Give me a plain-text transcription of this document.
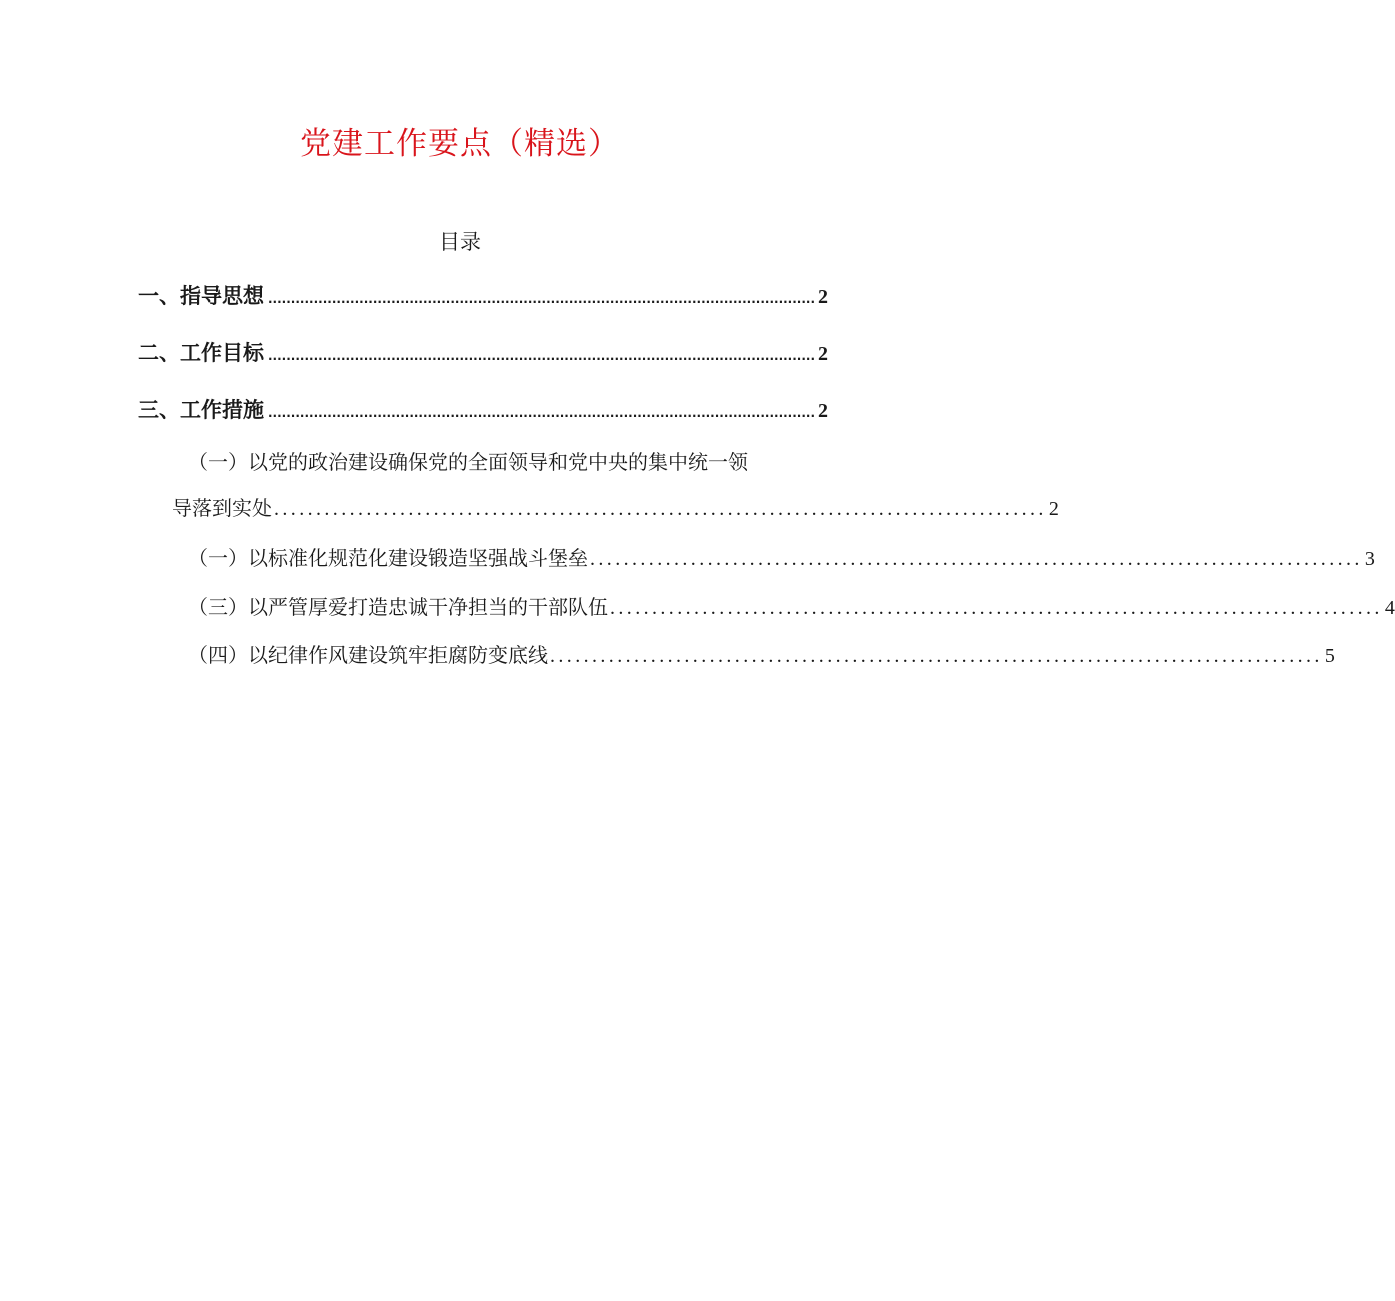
党建工作要点（精选）
目录
一、指导思想 ........................................................................................................................ 2
二、工作目标 ........................................................................................................................ 2
三、工作措施 ........................................................................................................................ 2
（一）以党的政治建设确保党的全面领导和党中央的集中统一领
导落到实处 ............................................................................................ 2
（一）以标准化规范化建设锻造坚强战斗堡垒 ............................................................................................ 3
（三）以严管厚爱打造忠诚干净担当的干部队伍 ............................................................................................ 4
（四）以纪律作风建设筑牢拒腐防变底线 ............................................................................................ 5
